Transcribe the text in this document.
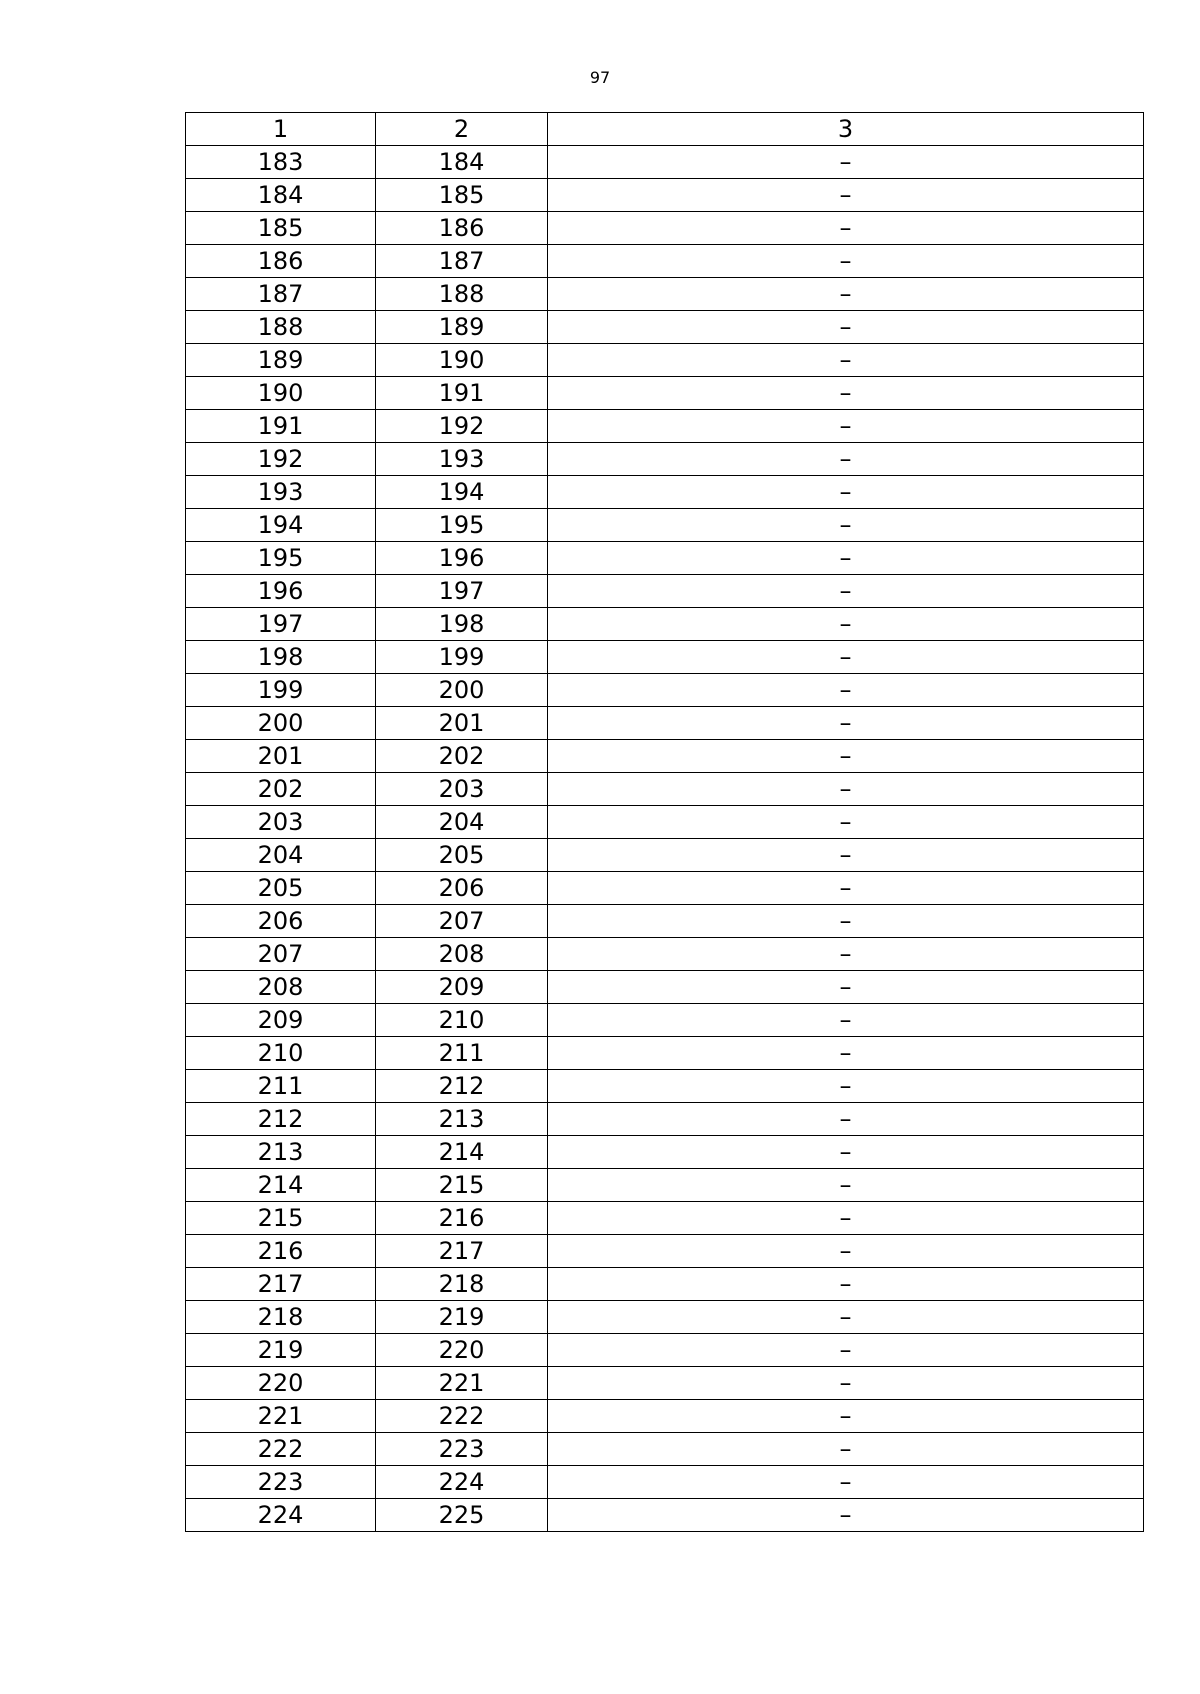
97
1	2	3
183	184	–
184	185	–
185	186	–
186	187	–
187	188	–
188	189	–
189	190	–
190	191	–
191	192	–
192	193	–
193	194	–
194	195	–
195	196	–
196	197	–
197	198	–
198	199	–
199	200	–
200	201	–
201	202	–
202	203	–
203	204	–
204	205	–
205	206	–
206	207	–
207	208	–
208	209	–
209	210	–
210	211	–
211	212	–
212	213	–
213	214	–
214	215	–
215	216	–
216	217	–
217	218	–
218	219	–
219	220	–
220	221	–
221	222	–
222	223	–
223	224	–
224	225	–
